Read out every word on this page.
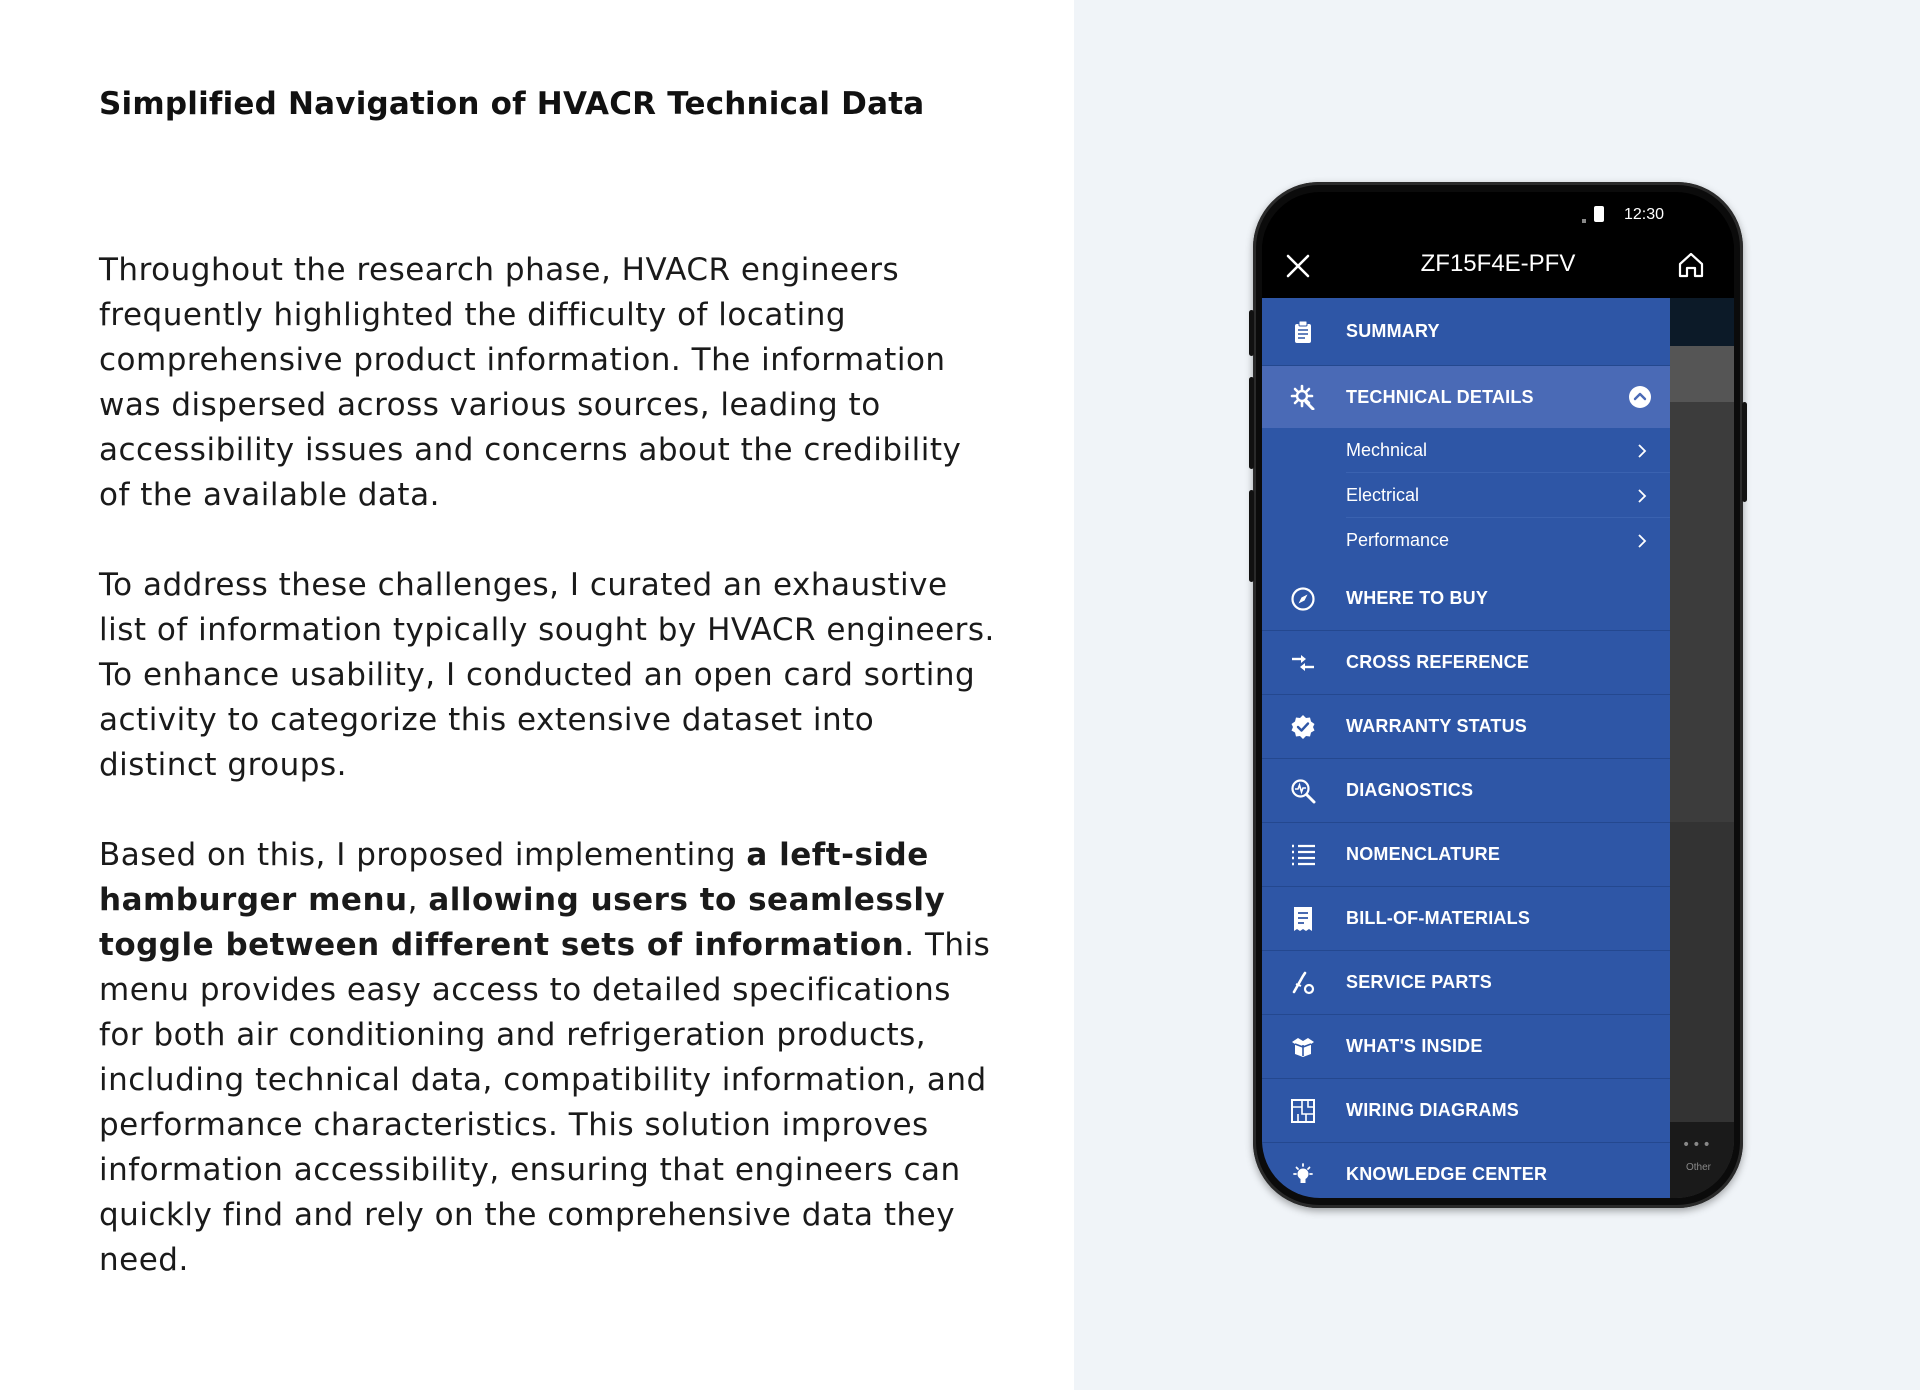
Simplified Navigation of HVACR Technical Data

Throughout the research phase, HVACR engineers frequently highlighted the difficulty of locating comprehensive product information. The information was dispersed across various sources, leading to accessibility issues and concerns about the credibility of the available data.

To address these challenges, I curated an exhaustive list of information typically sought by HVACR engineers. To enhance usability, I conducted an open card sorting activity to categorize this extensive dataset into distinct groups.

Based on this, I proposed implementing a left-side hamburger menu, allowing users to seamlessly toggle between different sets of information. This menu provides easy access to detailed specifications for both air conditioning and refrigeration products, including technical data, compatibility information, and performance characteristics. This solution improves information accessibility, ensuring that engineers can quickly find and rely on the comprehensive data they need.

12:30
ZF15F4E-PFV
•••
Other
SUMMARY
TECHNICAL DETAILS
Mechnical
Electrical
Performance
WHERE TO BUY
CROSS REFERENCE
WARRANTY STATUS
DIAGNOSTICS
NOMENCLATURE
BILL-OF-MATERIALS
SERVICE PARTS
WHAT'S INSIDE
WIRING DIAGRAMS
KNOWLEDGE CENTER
